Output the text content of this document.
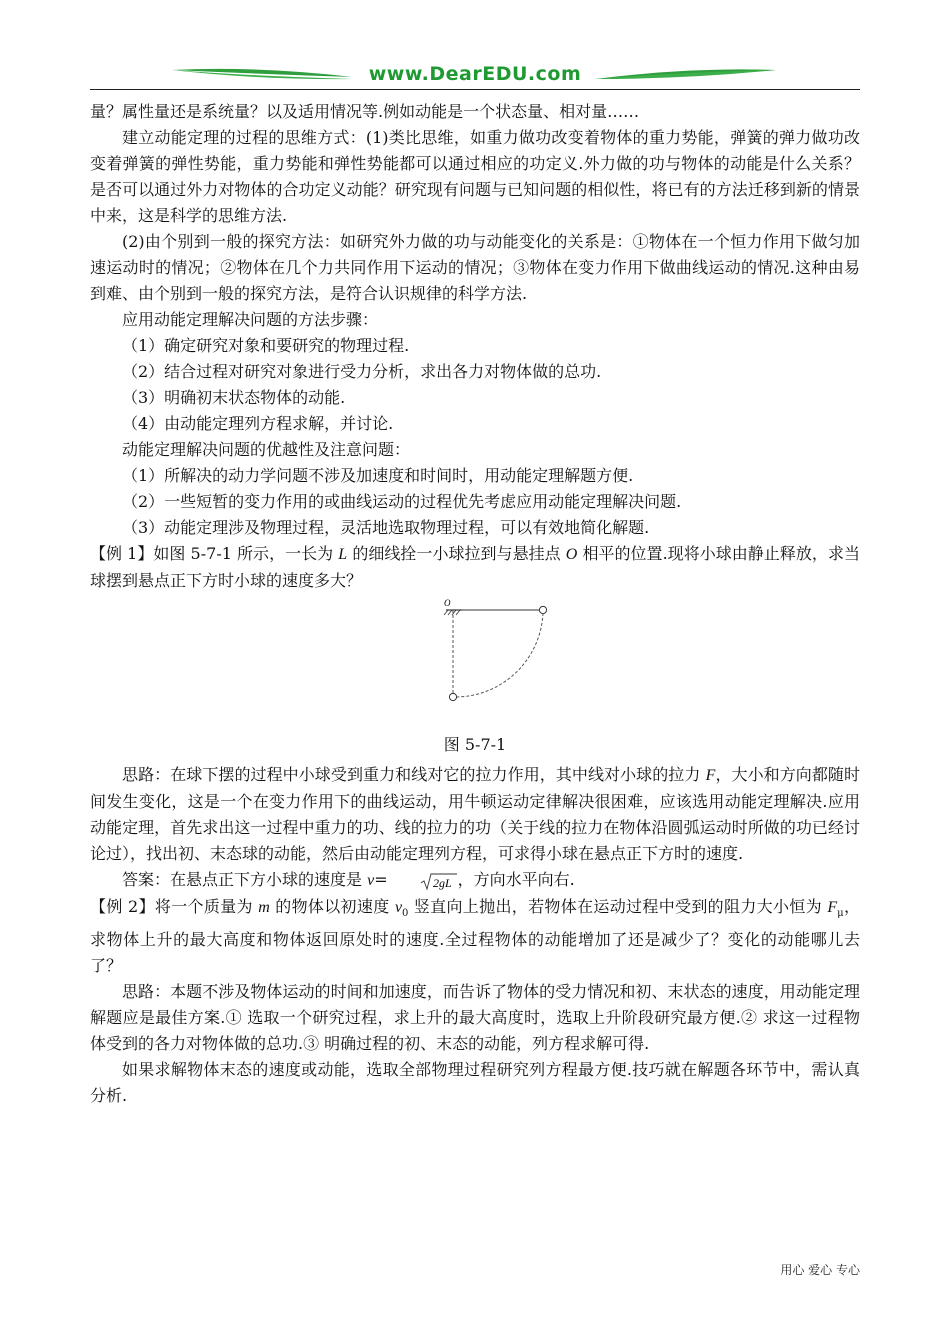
www.DearEDU.com

量？属性量还是系统量？以及适用情况等.例如动能是一个状态量、相对量……

建立动能定理的过程的思维方式：(1)类比思维，如重力做功改变着物体的重力势能，弹簧的弹力做功改变着弹簧的弹性势能，重力势能和弹性势能都可以通过相应的功定义.外力做的功与物体的动能是什么关系？是否可以通过外力对物体的合功定义动能？研究现有问题与已知问题的相似性，将已有的方法迁移到新的情景中来，这是科学的思维方法.

(2)由个别到一般的探究方法：如研究外力做的功与动能变化的关系是：①物体在一个恒力作用下做匀加速运动时的情况；②物体在几个力共同作用下运动的情况；③物体在变力作用下做曲线运动的情况.这种由易到难、由个别到一般的探究方法，是符合认识规律的科学方法.

应用动能定理解决问题的方法步骤：

（1）确定研究对象和要研究的物理过程.

（2）结合过程对研究对象进行受力分析，求出各力对物体做的总功.

（3）明确初末状态物体的动能.

（4）由动能定理列方程求解，并讨论.

动能定理解决问题的优越性及注意问题：

（1）所解决的动力学问题不涉及加速度和时间时，用动能定理解题方便.

（2）一些短暂的变力作用的或曲线运动的过程优先考虑应用动能定理解决问题.

（3）动能定理涉及物理过程，灵活地选取物理过程，可以有效地简化解题.

【例 1】如图 5-7-1 所示，一长为 L 的细线拴一小球拉到与悬挂点 O 相平的位置.现将小球由静止释放，求当球摆到悬点正下方时小球的速度多大？

O

图 5-7-1

思路：在球下摆的过程中小球受到重力和线对它的拉力作用，其中线对小球的拉力 F，大小和方向都随时间发生变化，这是一个在变力作用下的曲线运动，用牛顿运动定律解决很困难，应该选用动能定理解决.应用动能定理，首先求出这一过程中重力的功、线的拉力的功（关于线的拉力在物体沿圆弧运动时所做的功已经讨论过），找出初、末态球的动能，然后由动能定理列方程，可求得小球在悬点正下方时的速度.

答案：在悬点正下方小球的速度是 v=	2gL ，方向水平向右.

【例 2】将一个质量为 m 的物体以初速度 $v_0$ 竖直向上抛出，若物体在运动过程中受到的阻力大小恒为 $F_\mu$，求物体上升的最大高度和物体返回原处时的速度.全过程物体的动能增加了还是减少了？变化的动能哪儿去了？

思路：本题不涉及物体运动的时间和加速度，而告诉了物体的受力情况和初、末状态的速度，用动能定理解题应是最佳方案.① 选取一个研究过程，求上升的最大高度时，选取上升阶段研究最方便.② 求这一过程物体受到的各力对物体做的总功.③ 明确过程的初、末态的动能，列方程求解可得.

如果求解物体末态的速度或动能，选取全部物理过程研究列方程最方便.技巧就在解题各环节中，需认真分析.

用心 爱心 专心
